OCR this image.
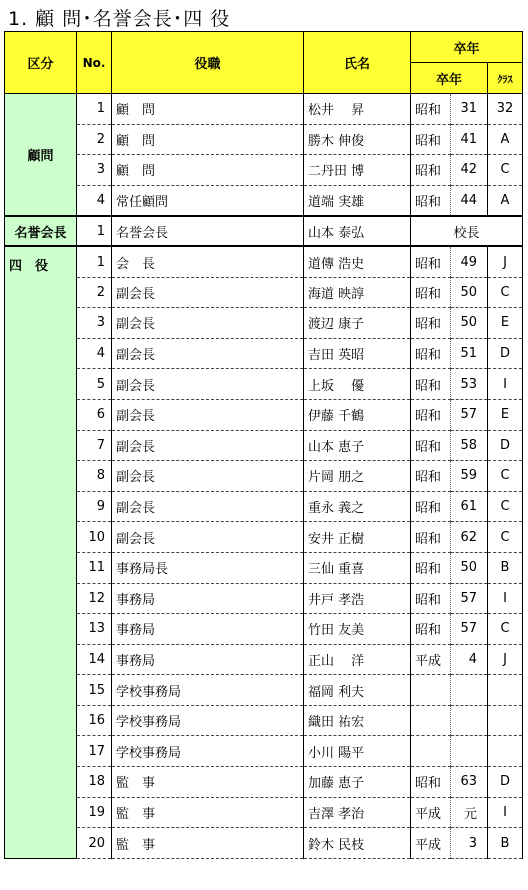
1. 顧 問･名誉会長･四 役
区分	No.	役職	氏名	卒年		
				卒年		ｸﾗｽ
顧問	1	顧　問	松井　 昇	昭和	31	32
	2	顧　問	勝木 伸俊	昭和	41	A
	3	顧　問	二丹田 博	昭和	42	C
	4	常任顧問	道端 実雄	昭和	44	A
名誉会長	1	名誉会長	山本 泰弘	校長		
四　役	1	会　長	道傳 浩史	昭和	49	J
	2	副会長	海道 映諄	昭和	50	C
	3	副会長	渡辺 康子	昭和	50	E
	4	副会長	吉田 英昭	昭和	51	D
	5	副会長	上坂　 優	昭和	53	I
	6	副会長	伊藤 千鶴	昭和	57	E
	7	副会長	山本 恵子	昭和	58	D
	8	副会長	片岡 朋之	昭和	59	C
	9	副会長	重永 義之	昭和	61	C
	10	副会長	安井 正樹	昭和	62	C
	11	事務局長	三仙 重喜	昭和	50	B
	12	事務局	井戸 孝浩	昭和	57	I
	13	事務局	竹田 友美	昭和	57	C
	14	事務局	正山　 洋	平成	4	J
	15	学校事務局	福岡 利夫			
	16	学校事務局	織田 祐宏			
	17	学校事務局	小川 陽平			
	18	監　事	加藤 恵子	昭和	63	D
	19	監　事	吉澤 孝治	平成	元	I
	20	監　事	鈴木 民枝	平成	3	B
